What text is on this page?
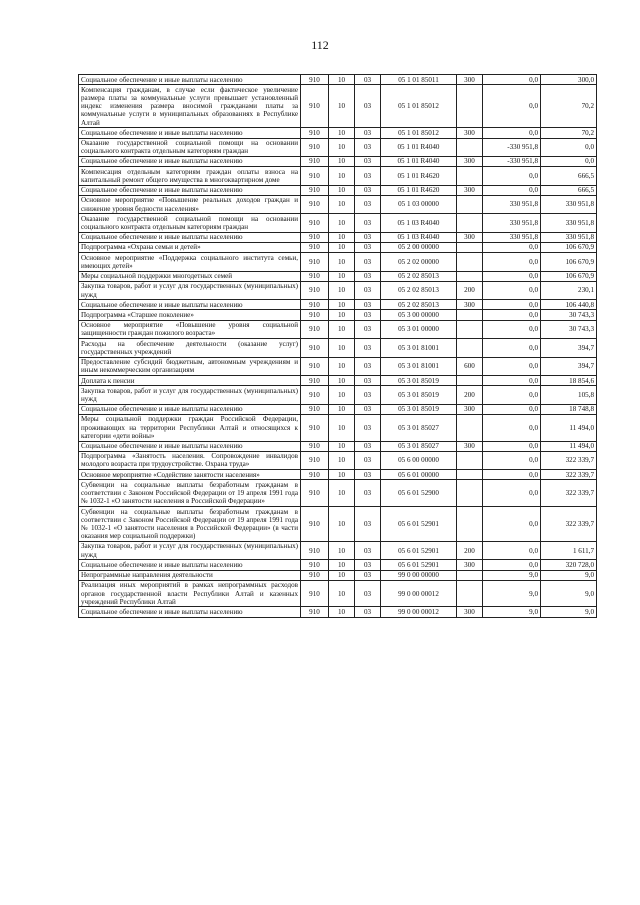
112
Социальное обеспечение и иные выплаты населению	910	10	03	05 1 01 85011	300	0,0	300,0
Компенсация гражданам, в случае если фактическое увеличение размера платы за коммунальные услуги превышает установленный индекс изменения размера вносимой гражданами платы за коммунальные услуги в муниципальных образованиях в Республике Алтай	910	10	03	05 1 01 85012		0,0	70,2
Социальное обеспечение и иные выплаты населению	910	10	03	05 1 01 85012	300	0,0	70,2
Оказание государственной социальной помощи на основании социального контракта отдельным категориям граждан	910	10	03	05 1 01 R4040		-330 951,8	0,0
Социальное обеспечение и иные выплаты населению	910	10	03	05 1 01 R4040	300	-330 951,8	0,0
Компенсация отдельным категориям граждан оплаты взноса на капитальный ремонт общего имущества в многоквартирном доме	910	10	03	05 1 01 R4620		0,0	666,5
Социальное обеспечение и иные выплаты населению	910	10	03	05 1 01 R4620	300	0,0	666,5
Основное мероприятие «Повышение реальных доходов граждан и снижение уровня бедности населения»	910	10	03	05 1 03 00000		330 951,8	330 951,8
Оказание государственной социальной помощи на основании социального контракта отдельным категориям граждан	910	10	03	05 1 03 R4040		330 951,8	330 951,8
Социальное обеспечение и иные выплаты населению	910	10	03	05 1 03 R4040	300	330 951,8	330 951,8
Подпрограмма «Охрана семьи и детей»	910	10	03	05 2 00 00000		0,0	106 670,9
Основное мероприятие «Поддержка социального института семьи, имеющих детей»	910	10	03	05 2 02 00000		0,0	106 670,9
Меры социальной поддержки многодетных семей	910	10	03	05 2 02 85013		0,0	106 670,9
Закупка товаров, работ и услуг для государственных (муниципальных) нужд	910	10	03	05 2 02 85013	200	0,0	230,1
Социальное обеспечение и иные выплаты населению	910	10	03	05 2 02 85013	300	0,0	106 440,8
Подпрограмма «Старшее поколение»	910	10	03	05 3 00 00000		0,0	30 743,3
Основное мероприятие «Повышение уровня социальной защищенности граждан пожилого возраста»	910	10	03	05 3 01 00000		0,0	30 743,3
Расходы на обеспечение деятельности (оказание услуг) государственных учреждений	910	10	03	05 3 01 81001		0,0	394,7
Предоставление субсидий бюджетным, автономным учреждениям и иным некоммерческим организациям	910	10	03	05 3 01 81001	600	0,0	394,7
Доплата к пенсии	910	10	03	05 3 01 85019		0,0	18 854,6
Закупка товаров, работ и услуг для государственных (муниципальных) нужд	910	10	03	05 3 01 85019	200	0,0	105,8
Социальное обеспечение и иные выплаты населению	910	10	03	05 3 01 85019	300	0,0	18 748,8
Меры социальной поддержки граждан Российской Федерации, проживающих на территории Республики Алтай и относящихся к категории «дети войны»	910	10	03	05 3 01 85027		0,0	11 494,0
Социальное обеспечение и иные выплаты населению	910	10	03	05 3 01 85027	300	0,0	11 494,0
Подпрограмма «Занятость населения. Сопровождение инвалидов молодого возраста при трудоустройстве. Охрана труда»	910	10	03	05 6 00 00000		0,0	322 339,7
Основное мероприятие «Содействие занятости населения»	910	10	03	05 6 01 00000		0,0	322 339,7
Субвенции на социальные выплаты безработным гражданам в соответствии с Законом Российской Федерации от 19 апреля 1991 года № 1032-1 «О занятости населения в Российской Федерации»	910	10	03	05 6 01 52900		0,0	322 339,7
Субвенции на социальные выплаты безработным гражданам в соответствии с Законом Российской Федерации от 19 апреля 1991 года № 1032-1 «О занятости населения в Российской Федерации» (в части оказания мер социальной поддержки)	910	10	03	05 6 01 52901		0,0	322 339,7
Закупка товаров, работ и услуг для государственных (муниципальных) нужд	910	10	03	05 6 01 52901	200	0,0	1 611,7
Социальное обеспечение и иные выплаты населению	910	10	03	05 6 01 52901	300	0,0	320 728,0
Непрограммные направления деятельности	910	10	03	99 0 00 00000		9,0	9,0
Реализация иных мероприятий в рамках непрограммных расходов органов государственной власти Республики Алтай и казенных учреждений Республики Алтай	910	10	03	99 0 00 00012		9,0	9,0
Социальное обеспечение и иные выплаты населению	910	10	03	99 0 00 00012	300	9,0	9,0
